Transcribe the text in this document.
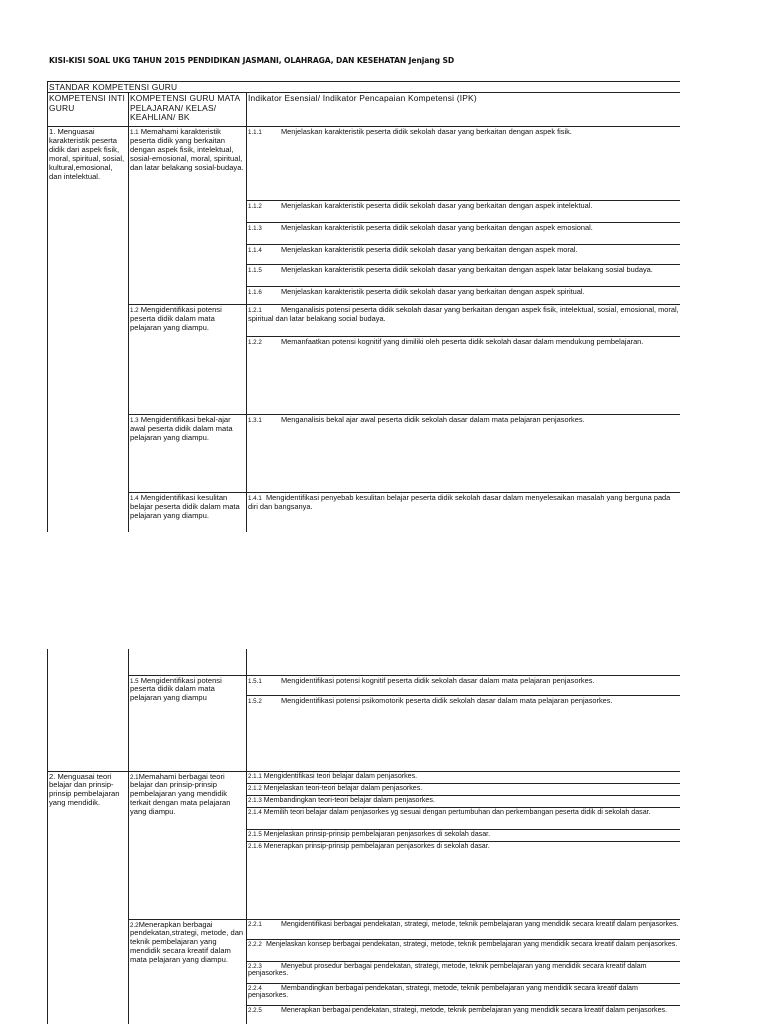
KISI-KISI SOAL UKG TAHUN 2015 PENDIDIKAN JASMANI, OLAHRAGA, DAN KESEHATAN Jenjang SD
STANDAR KOMPETENSI GURU		
KOMPETENSI INTI GURU	KOMPETENSI GURU MATA PELAJARAN/ KELAS/ KEAHLIAN/ BK	Indikator Esensial/ Indikator Pencapaian Kompetensi (IPK)
1. Menguasai karakteristik peserta didik dari aspek fisik, moral, spiritual, sosial, kultural,emosional, dan intelektual.	1.1 Memahami karakteristik peserta didik yang berkaitan dengan aspek fisik, intelektual, sosial-emosional, moral, spiritual, dan latar belakang sosial-budaya.	1.1.1 Menjelaskan karakteristik peserta didik sekolah dasar yang berkaitan dengan aspek fisik.
		1.1.2 Menjelaskan karakteristik peserta didik sekolah dasar yang berkaitan dengan aspek intelektual.
		1.1.3 Menjelaskan karakteristik peserta didik sekolah dasar yang berkaitan dengan aspek emosional.
		1.1.4 Menjelaskan karakteristik peserta didik sekolah dasar yang berkaitan dengan aspek moral.
		1.1.5 Menjelaskan karakteristik peserta didik sekolah dasar yang berkaitan dengan aspek latar belakang sosial budaya.
		1.1.6 Menjelaskan karakteristik peserta didik sekolah dasar yang berkaitan dengan aspek spiritual.
	1.2 Mengidentifikasi potensi peserta didik dalam mata pelajaran yang diampu.	1.2.1 Menganalisis potensi peserta didik sekolah dasar yang berkaitan dengan aspek fisik, intelektual, sosial, emosional, moral, spiritual dan latar belakang social budaya.
		1.2.2 Memanfaatkan potensi kognitif yang dimiliki oleh peserta didik sekolah dasar dalam mendukung pembelajaran.
	1.3 Mengidentifikasi bekal-ajar awal peserta didik dalam mata pelajaran yang diampu.	1.3.1 Menganalisis bekal ajar awal peserta didik sekolah dasar dalam mata pelajaran penjasorkes.
	1.4 Mengidentifikasi kesulitan belajar peserta didik dalam mata pelajaran yang diampu.	1.4.1 Mengidentifikasi penyebab kesulitan belajar peserta didik sekolah dasar dalam menyelesaikan masalah yang berguna pada diri dan bangsanya.

	1.5 Mengidentifikasi potensi peserta didik dalam mata pelajaran yang diampu	1.5.1 Mengidentifikasi potensi kognitif peserta didik sekolah dasar dalam mata pelajaran penjasorkes.
		1.5.2 Mengidentifikasi potensi psikomotorik peserta didik sekolah dasar dalam mata pelajaran penjasorkes.
2. Menguasai teori belajar dan prinsip-prinsip pembelajaran yang mendidik.	2.1Memahami berbagai teori belajar dan prinsip-prinsip pembelajaran yang mendidik terkait dengan mata pelajaran yang diampu.	2.1.1 Mengidentifikasi teori belajar dalam penjasorkes.
		2.1.2 Menjelaskan teori-teori belajar dalam penjasorkes.
		2.1.3 Membandingkan teori-teori belajar dalam penjasorkes.
		2.1.4 Memilih teori belajar dalam penjasorkes yg sesuai dengan pertumbuhan dan perkembangan peserta didik di sekolah dasar.
		2.1.5 Menjelaskan prinsip-prinsip pembelajaran penjasorkes di sekolah dasar.
		2.1.6 Menerapkan prinsip-prinsip pembelajaran penjasorkes di sekolah dasar.
	2.2Menerapkan berbagai pendekatan,strategi, metode, dan teknik pembelajaran yang mendidik secara kreatif dalam mata pelajaran yang diampu.	2.2.1 Mengidentifikasi berbagai pendekatan, strategi, metode, teknik pembelajaran yang mendidik secara kreatif dalam penjasorkes.
		2.2.2 Menjelaskan konsep berbagai pendekatan, strategi, metode, teknik pembelajaran yang mendidik secara kreatif dalam penjasorkes.
		2.2.3 Menyebut prosedur berbagai pendekatan, strategi, metode, teknik pembelajaran yang mendidik secara kreatif dalam penjasorkes.
		2.2.4 Membandingkan berbagai pendekatan, strategi, metode, teknik pembelajaran yang mendidik secara kreatif dalam penjasorkes.
		2.2.5 Menerapkan berbagai pendekatan, strategi, metode, teknik pembelajaran yang mendidik secara kreatif dalam penjasorkes.
